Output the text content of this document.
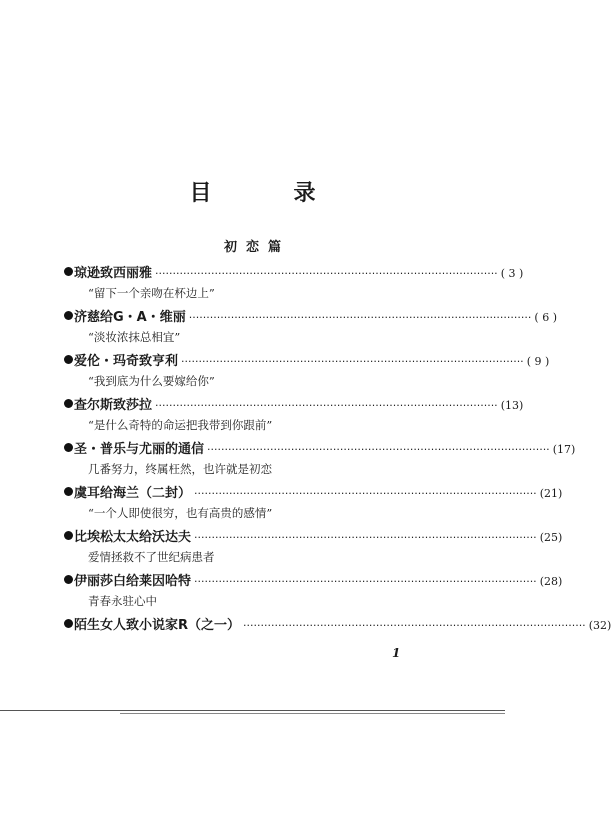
目　录
初恋篇
琼逊致西丽雅 ·································································································· ( 3 )
“留下一个亲吻在杯边上”
济慈给G・A・维丽 ·································································································· ( 6 )
“淡妆浓抹总相宜”
爱伦・玛奇致亨利 ·································································································· ( 9 )
“我到底为什么要嫁给你”
查尔斯致莎拉 ·································································································· (13)
“是什么奇特的命运把我带到你跟前”
圣・普乐与尤丽的通信 ·································································································· (17)
几番努力，终属枉然，也许就是初恋
虞耳给海兰（二封） ·································································································· (21)
“一个人即使很穷，也有高贵的感情”
比埃松太太给沃达夫 ·································································································· (25)
爱情拯救不了世纪病患者
伊丽莎白给莱因哈特 ·································································································· (28)
青春永驻心中
陌生女人致小说家R（之一） ·································································································· (32)
1
